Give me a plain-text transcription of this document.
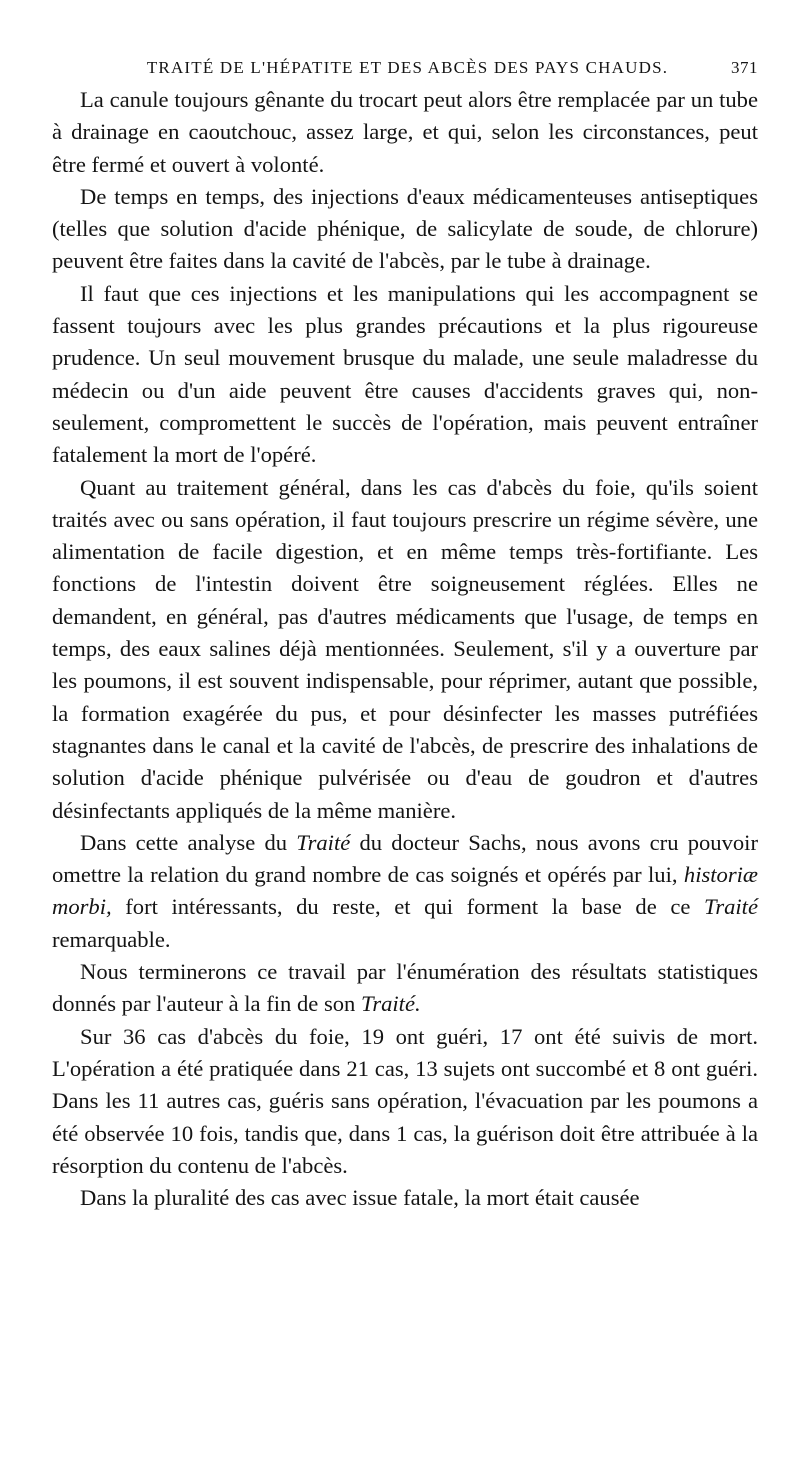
TRAITÉ DE L'HÉPATITE ET DES ABCÈS DES PAYS CHAUDS.	371

La canule toujours gênante du trocart peut alors être remplacée par un tube à drainage en caoutchouc, assez large, et qui, selon les circonstances, peut être fermé et ouvert à volonté.

De temps en temps, des injections d'eaux médicamenteuses antiseptiques (telles que solution d'acide phénique, de salicylate de soude, de chlorure) peuvent être faites dans la cavité de l'abcès, par le tube à drainage.

Il faut que ces injections et les manipulations qui les accompagnent se fassent toujours avec les plus grandes précautions et la plus rigoureuse prudence. Un seul mouvement brusque du malade, une seule maladresse du médecin ou d'un aide peuvent être causes d'accidents graves qui, non-seulement, compromettent le succès de l'opération, mais peuvent entraîner fatalement la mort de l'opéré.

Quant au traitement général, dans les cas d'abcès du foie, qu'ils soient traités avec ou sans opération, il faut toujours prescrire un régime sévère, une alimentation de facile digestion, et en même temps très-fortifiante. Les fonctions de l'intestin doivent être soigneusement réglées. Elles ne demandent, en général, pas d'autres médicaments que l'usage, de temps en temps, des eaux salines déjà mentionnées. Seulement, s'il y a ouverture par les poumons, il est souvent indispensable, pour réprimer, autant que possible, la formation exagérée du pus, et pour désinfecter les masses putréfiées stagnantes dans le canal et la cavité de l'abcès, de prescrire des inhalations de solution d'acide phénique pulvérisée ou d'eau de goudron et d'autres désinfectants appliqués de la même manière.

Dans cette analyse du Traité du docteur Sachs, nous avons cru pouvoir omettre la relation du grand nombre de cas soignés et opérés par lui, historiæ morbi, fort intéressants, du reste, et qui forment la base de ce Traité remarquable.

Nous terminerons ce travail par l'énumération des résultats statistiques donnés par l'auteur à la fin de son Traité.

Sur 36 cas d'abcès du foie, 19 ont guéri, 17 ont été suivis de mort. L'opération a été pratiquée dans 21 cas, 13 sujets ont succombé et 8 ont guéri. Dans les 11 autres cas, guéris sans opération, l'évacuation par les poumons a été observée 10 fois, tandis que, dans 1 cas, la guérison doit être attribuée à la résorption du contenu de l'abcès.

Dans la pluralité des cas avec issue fatale, la mort était causée
